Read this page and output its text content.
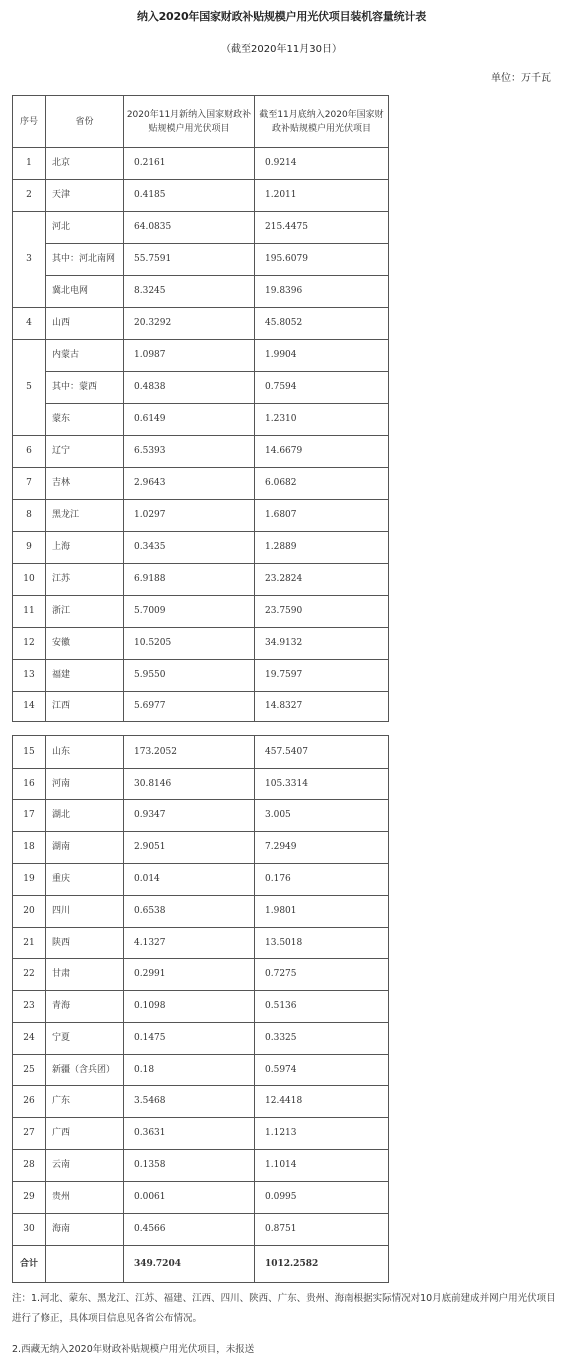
纳入2020年国家财政补贴规模户用光伏项目装机容量统计表
（截至2020年11月30日）
单位：万千瓦
序号	省份	2020年11月新纳入国家财政补贴规模户用光伏项目	截至11月底纳入2020年国家财政补贴规模户用光伏项目
1	北京	0.2161	0.9214
2	天津	0.4185	1.2011
3	河北	64.0835	215.4475
	其中：河北南网	55.7591	195.6079
	冀北电网	8.3245	19.8396
4	山西	20.3292	45.8052
5	内蒙古	1.0987	1.9904
	其中：蒙西	0.4838	0.7594
	蒙东	0.6149	1.2310
6	辽宁	6.5393	14.6679
7	吉林	2.9643	6.0682
8	黑龙江	1.0297	1.6807
9	上海	0.3435	1.2889
10	江苏	6.9188	23.2824
11	浙江	5.7009	23.7590
12	安徽	10.5205	34.9132
13	福建	5.9550	19.7597
14	江西	5.6977	14.8327
15	山东	173.2052	457.5407
16	河南	30.8146	105.3314
17	湖北	0.9347	3.005
18	湖南	2.9051	7.2949
19	重庆	0.014	0.176
20	四川	0.6538	1.9801
21	陕西	4.1327	13.5018
22	甘肃	0.2991	0.7275
23	青海	0.1098	0.5136
24	宁夏	0.1475	0.3325
25	新疆（含兵团）	0.18	0.5974
26	广东	3.5468	12.4418
27	广西	0.3631	1.1213
28	云南	0.1358	1.1014
29	贵州	0.0061	0.0995
30	海南	0.4566	0.8751
合计		349.7204	1012.2582
注：1.河北、蒙东、黑龙江、江苏、福建、江西、四川、陕西、广东、贵州、海南根据实际情况对10月底前建成并网户用光伏项目进行了修正，具体项目信息见各省公布情况。
2.西藏无纳入2020年财政补贴规模户用光伏项目，未报送
